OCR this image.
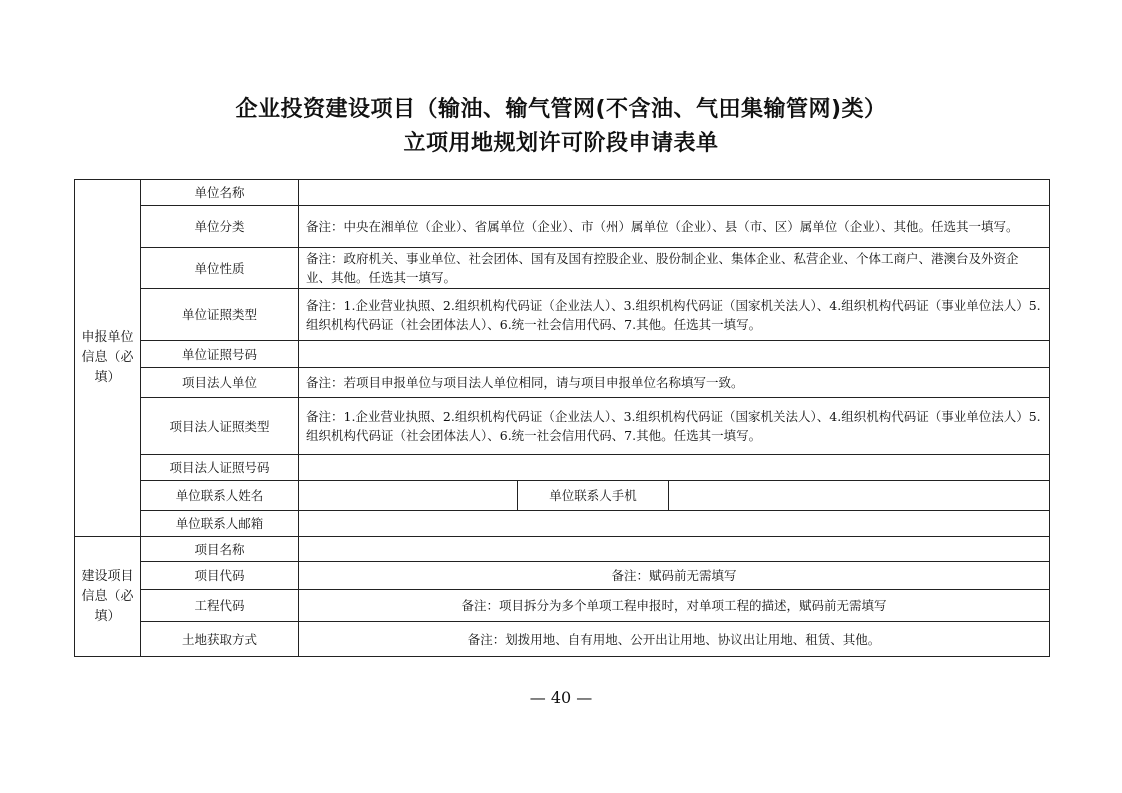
企业投资建设项目（输油、输气管网(不含油、气田集输管网)类）
立项用地规划许可阶段申请表单
申报单位信息（必填）	单位名称			
	单位分类	备注：中央在湘单位（企业）、省属单位（企业）、市（州）属单位（企业）、县（市、区）属单位（企业）、其他。任选其一填写。		
	单位性质	备注：政府机关、事业单位、社会团体、国有及国有控股企业、股份制企业、集体企业、私营企业、个体工商户、港澳台及外资企业、其他。任选其一填写。		
	单位证照类型	备注：1.企业营业执照、2.组织机构代码证（企业法人）、3.组织机构代码证（国家机关法人）、4.组织机构代码证（事业单位法人）5.组织机构代码证（社会团体法人）、6.统一社会信用代码、7.其他。任选其一填写。		
	单位证照号码			
	项目法人单位	备注：若项目申报单位与项目法人单位相同，请与项目申报单位名称填写一致。		
	项目法人证照类型	备注：1.企业营业执照、2.组织机构代码证（企业法人）、3.组织机构代码证（国家机关法人）、4.组织机构代码证（事业单位法人）5.组织机构代码证（社会团体法人）、6.统一社会信用代码、7.其他。任选其一填写。		
	项目法人证照号码			
	单位联系人姓名		单位联系人手机	
	单位联系人邮箱			
建设项目信息（必填）	项目名称			
	项目代码	备注：赋码前无需填写		
	工程代码	备注：项目拆分为多个单项工程申报时，对单项工程的描述，赋码前无需填写		
	土地获取方式	备注：划拨用地、自有用地、公开出让用地、协议出让用地、租赁、其他。		
— 40 —
